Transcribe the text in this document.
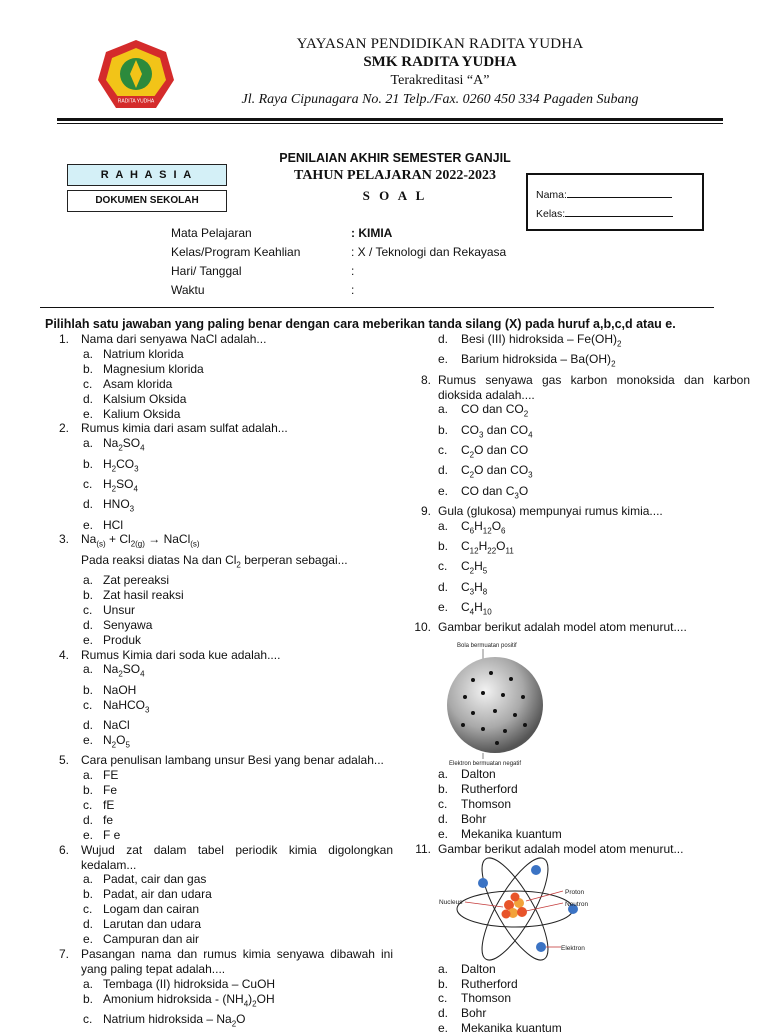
RADITA YUDHA
YAYASAN PENDIDIKAN RADITA YUDHA
SMK RADITA YUDHA
Terakreditasi “A”
Jl. Raya Cipunagara No. 21 Telp./Fax. 0260 450 334 Pagaden Subang
PENILAIAN AKHIR SEMESTER GANJIL
TAHUN PELAJARAN 2022-2023
S O A L
R A H A S I A
DOKUMEN SEKOLAH	Nama:
Kelas:
Mata Pelajaran	: KIMIA
Kelas/Program Keahlian	: X / Teknologi dan Rekayasa
Hari/ Tanggal	:
Waktu	:
Pilihlah satu jawaban yang paling benar dengan cara meberikan tanda silang (X) pada huruf a,b,c,d atau e.
1. Nama dari senyawa NaCl adalah...
a. Natrium klorida
b. Magnesium klorida
c. Asam klorida
d. Kalsium Oksida
e. Kalium Oksida
2. Rumus kimia dari asam sulfat adalah...
a. $Na_2SO_4$
b. $H_2CO_3$
c. $H_2SO_4$
d. $HNO_3$
e. HCl
3. $Na_{(s)} + Cl_{2(g)}$ → NaCl$_{(s)}$
Pada reaksi diatas Na dan $Cl_2$ berperan sebagai...
a. Zat pereaksi
b. Zat hasil reaksi
c. Unsur
d. Senyawa
e. Produk
4. Rumus Kimia dari soda kue adalah....
a. $Na_2SO_4$
b. NaOH
c. NaHCO$_3$
d. NaCl
e. $N_2O_5$
5. Cara penulisan lambang unsur Besi yang benar adalah...
a. FE
b. Fe
c. fE
d. fe
e. F e
6. Wujud zat dalam tabel periodik kimia digolongkan kedalam...
a. Padat, cair dan gas
b. Padat, air dan udara
c. Logam dan cairan
d. Larutan dan udara
e. Campuran dan air
7. Pasangan nama dan rumus kimia senyawa dibawah ini yang paling tepat adalah....
a. Tembaga (II) hidroksida – CuOH
b. Amonium hidroksida - $(NH_4)_2OH$
c. Natrium hidroksida – $Na_2O$
d. Besi (III) hidroksida – $Fe(OH)_2$
e. Barium hidroksida – $Ba(OH)_2$
8. Rumus senyawa gas karbon monoksida dan karbon dioksida adalah....
a. CO dan $CO_2$
b. $CO_3$ dan $CO_4$
c. $C_2O$ dan CO
d. $C_2O$ dan $CO_3$
e. CO dan $C_3O$
9. Gula (glukosa) mempunyai rumus kimia....
a. $C_6H_{12}O_6$
b. $C_{12}H_{22}O_{11}$
c. $C_2H_5$
d. $C_3H_8$
e. $C_4H_{10}$
10. Gambar berikut adalah model atom menurut....
Bola bermuatan positif
Elektron bermuatan negatif
a. Dalton
b. Rutherford
c. Thomson
d. Bohr
e. Mekanika kuantum
11. Gambar berikut adalah model atom menurut...
Proton
Neutron
Nucleus
Elektron
a. Dalton
b. Rutherford
c. Thomson
d. Bohr
e. Mekanika kuantum
